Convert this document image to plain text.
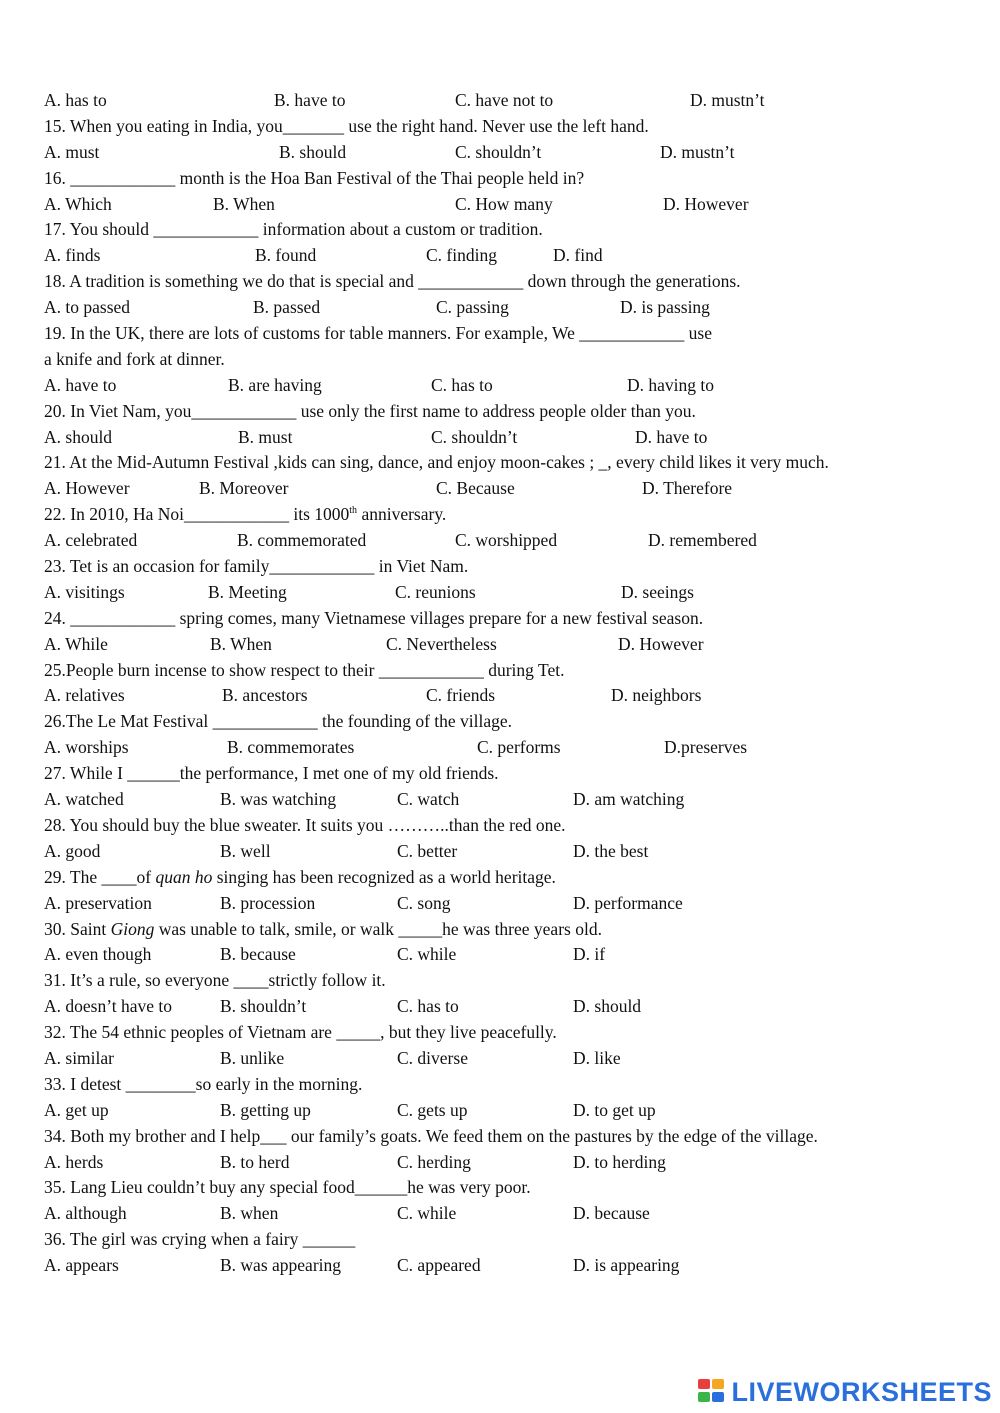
A. has to	B. have to	C. have not to	D. mustn’t
15. When you eating in India, you_______ use the right hand. Never use the left hand.
A. must	B. should	C. shouldn’t	D. mustn’t
16. ____________ month is the Hoa Ban Festival of the Thai people held in?
A. Which	B. When	C. How many	D. However
17. You should ____________ information about a custom or tradition.
A. finds	B. found	C. finding	D. find
18. A tradition is something we do that is special and ____________ down through the generations.
A. to passed	B. passed	C. passing	D. is passing
19. In the UK, there are lots of customs for table manners. For example, We ____________ use
a knife and fork at dinner.
A. have to	B. are having	C. has to	D. having to
20. In Viet Nam, you____________ use only the first name to address people older than you.
A. should	B. must	C. shouldn’t	D. have to
21. At the Mid-Autumn Festival ,kids can sing, dance, and enjoy moon-cakes ; _, every child likes it very much.
A. However	B. Moreover	C. Because	D. Therefore
22. In 2010, Ha Noi____________ its 1000th anniversary.
A. celebrated	B. commemorated	C. worshipped	D. remembered
23. Tet is an occasion for family____________ in Viet Nam.
A. visitings	B. Meeting	C. reunions	D. seeings
24. ____________ spring comes, many Vietnamese villages prepare for a new festival season.
A. While	B. When	C. Nevertheless	D. However
25.People burn incense to show respect to their ____________ during Tet.
A. relatives	B. ancestors	C. friends	D. neighbors
26.The Le Mat Festival ____________ the founding of the village.
A. worships	B. commemorates	C. performs	D.preserves
27. While I ______the performance, I met one of my old friends.
A. watched	B. was watching	C. watch	D. am watching
28. You should buy the blue sweater. It suits you ………..than the red one.
A. good	B. well	C. better	D. the best
29. The ____of quan ho singing has been recognized as a world heritage.
A. preservation	B. procession	C. song	D. performance
30. Saint Giong was unable to talk, smile, or walk _____he was three years old.
A. even though	B. because	C. while	D. if
31. It’s a rule, so everyone ____strictly follow it.
A. doesn’t have to	B. shouldn’t	C. has to	D. should
32. The 54 ethnic peoples of Vietnam are _____, but they live peacefully.
A. similar	B. unlike	C. diverse	D. like
33. I detest ________so early in the morning.
A. get up	B. getting up	C. gets up	D. to get up
34. Both my brother and I help___ our family’s goats. We feed them on the pastures by the edge of the village.
A. herds	B. to herd	C. herding	D. to herding
35. Lang Lieu couldn’t buy any special food______he was very poor.
A. although	B. when	C. while	D. because
36. The girl was crying when a fairy ______
A. appears	B. was appearing	C. appeared	D. is appearing
LIVEWORKSHEETS
